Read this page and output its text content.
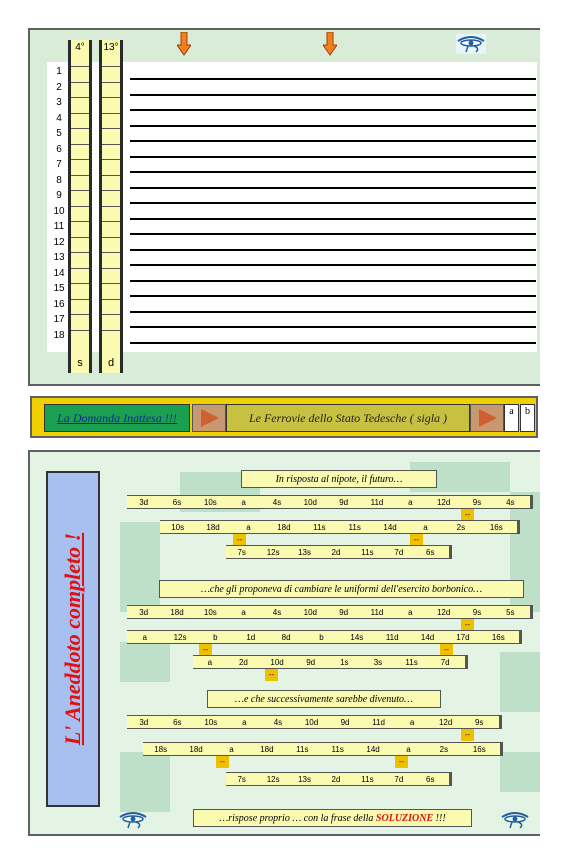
1
2
3
4
5
6
7
8
9
10
11
12
13
14
15
16
17
18
4°
s
13°
d
La Domanda Inattesa !!!	Le Ferrovie dello Stato Tedesche ( sigla )	a	b
L' Aneddoto completo !
In risposta al nipote, il futuro…
…che gli proponeva di cambiare le uniformi dell'esercito borbonico…
…e che successivamente sarebbe divenuto…
…rispose proprio … con la frase della
SOLUZIONE
!!!
3d	6s	10s	a	4s	10d	9d	11d	a	12d	9s	4s
--
10s	18d	a	18d	11s	11s	14d	a	2s	16s
--	--
7s	12s	13s	2d	11s	7d	6s
3d	18d	10s	a	4s	10d	9d	11d	a	12d	9s	5s
--
a	12s	b	1d	8d	b	14s	11d	14d	17d	16s
--	--
a	2d	10d	9d	1s	3s	11s	7d
--
3d	6s	10s	a	4s	10d	9d	11d	a	12d	9s
--
18s	18d	a	18d	11s	11s	14d	a	2s	16s
--	--
7s	12s	13s	2d	11s	7d	6s
